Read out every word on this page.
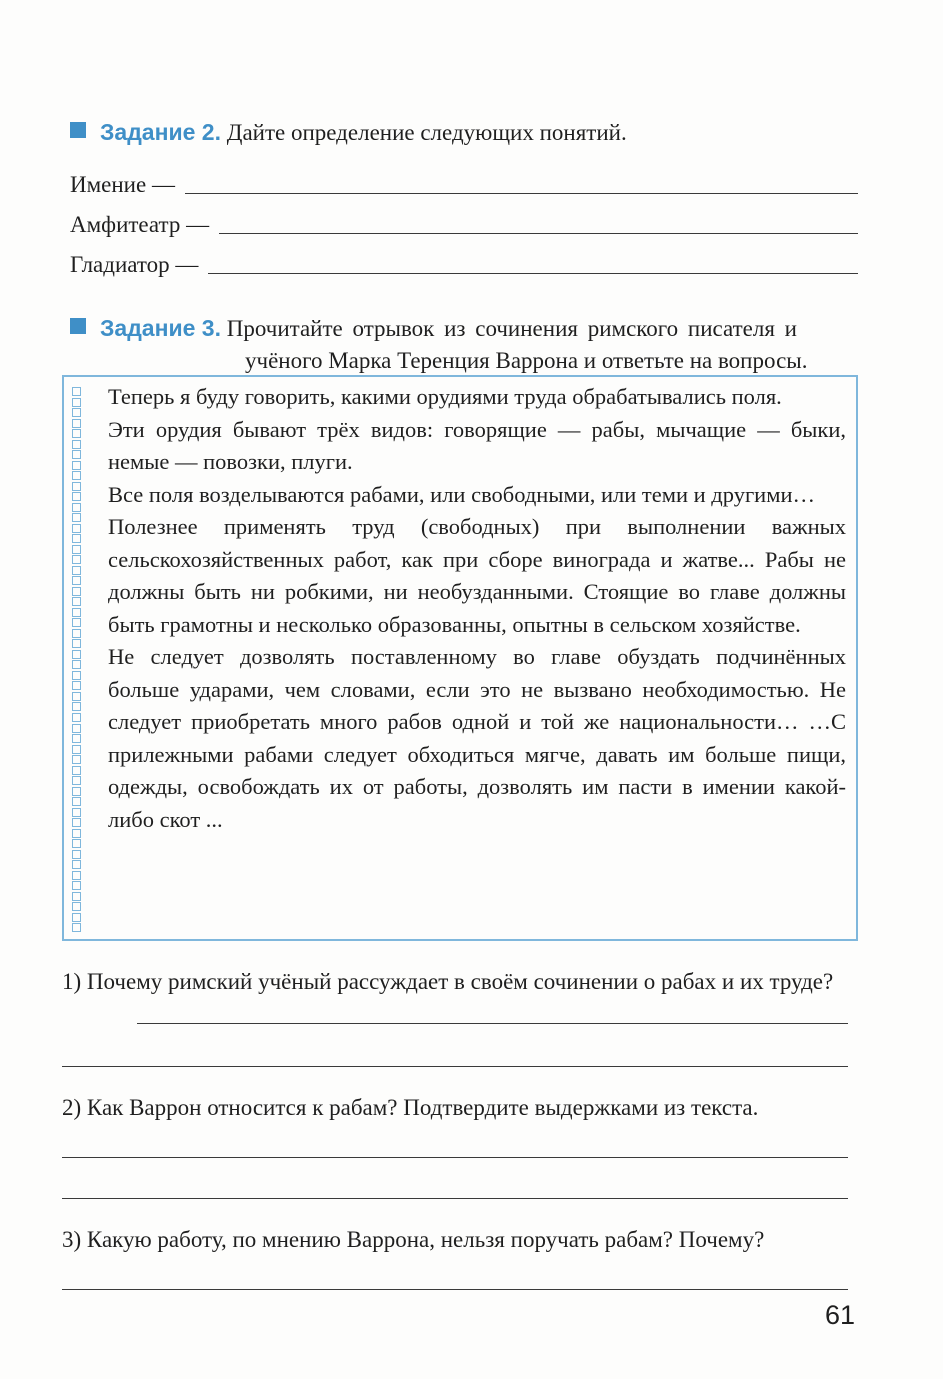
Задание 2. Дайте определение следующих понятий.
Имение —
Амфитеатр —
Гладиатор —
Задание 3. Прочитайте отрывок из сочинения римского писателя и
учёного Марка Теренция Варрона и ответьте на вопросы.

Теперь я буду говорить, какими орудиями труда обрабатывались поля.

Эти орудия бывают трёх видов: говорящие — рабы, мычащие — быки, немые — повозки, плуги.

Все поля возделываются рабами, или свободными, или теми и другими…

Полезнее применять труд (свободных) при выполнении важных сельскохозяйственных работ, как при сборе винограда и жатве... Рабы не должны быть ни робкими, ни необузданными. Стоящие во главе должны быть грамотны и несколько образованны, опытны в сельском хозяйстве.

Не следует дозволять поставленному во главе обуздать подчинённых больше ударами, чем словами, если это не вызвано необходимостью. Не следует приобретать много рабов одной и той же национальности… …С прилежными рабами следует обходиться мягче, давать им больше пищи, одежды, освобождать их от работы, дозволять им пасти в имении какой-либо скот ...

1) Почему римский учёный рассуждает в своём сочинении о рабах и их труде?
2) Как Варрон относится к рабам? Подтвердите выдержками из текста.
3) Какую работу, по мнению Варрона, нельзя поручать рабам? Почему?
61
